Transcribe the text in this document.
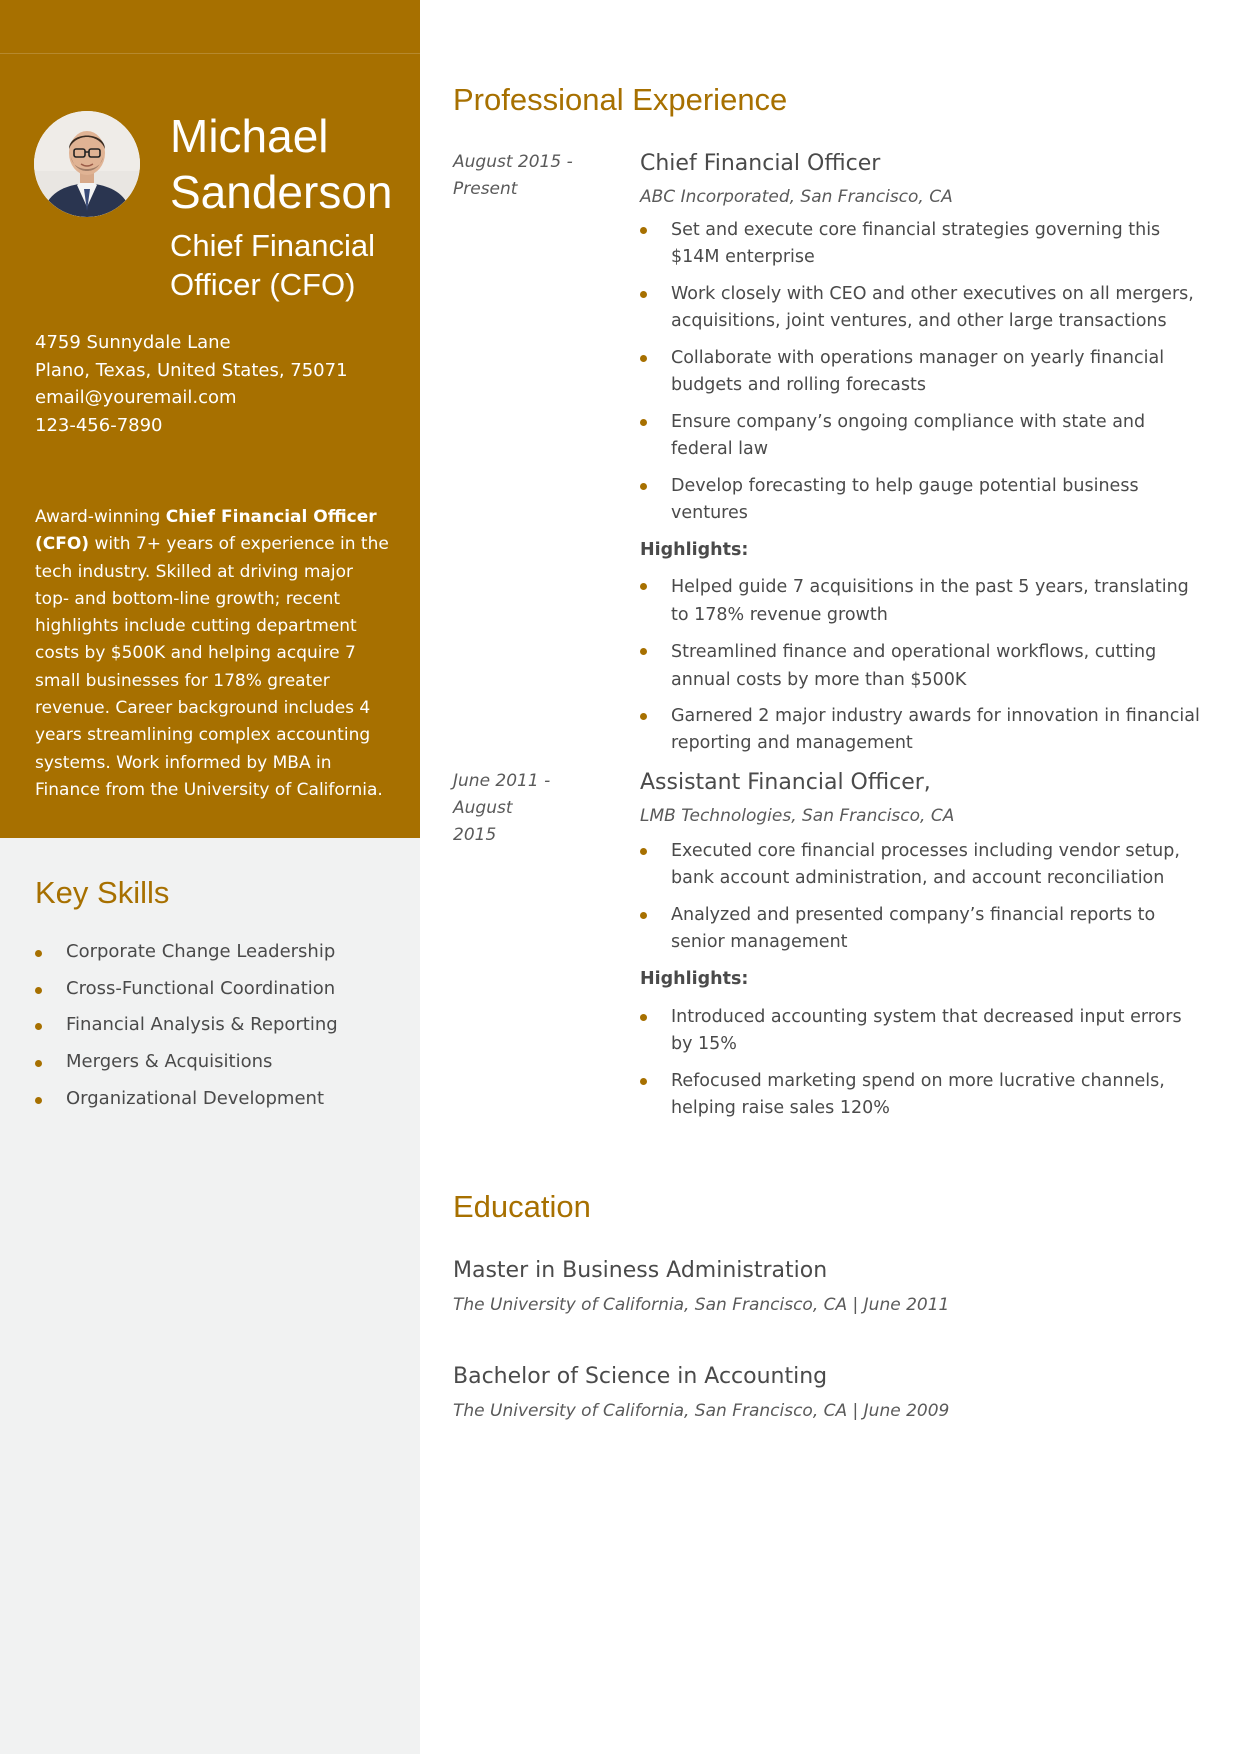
Michael
Sanderson
Chief Financial
Officer (CFO)
4759 Sunnydale Lane
Plano, Texas, United States, 75071
email@youremail.com
123-456-7890

Award-winning Chief Financial Officer (CFO) with 7+ years of experience in the tech industry. Skilled at driving major top- and bottom-line growth; recent highlights include cutting department costs by $500K and helping acquire 7 small businesses for 178% greater revenue. Career background includes 4 years streamlining complex accounting systems. Work informed by MBA in Finance from the University of California.

Key Skills
Corporate Change Leadership
Cross-Functional Coordination
Financial Analysis & Reporting
Mergers & Acquisitions
Organizational Development
Professional Experience
August 2015 -
Present
Chief Financial Officer

ABC Incorporated, San Francisco, CA

Set and execute core financial strategies governing this $14M enterprise
Work closely with CEO and other executives on all mergers, acquisitions, joint ventures, and other large transactions
Collaborate with operations manager on yearly financial budgets and rolling forecasts
Ensure company’s ongoing compliance with state and federal law
Develop forecasting to help gauge potential business ventures

Highlights:

Helped guide 7 acquisitions in the past 5 years, translating to 178% revenue growth
Streamlined finance and operational workflows, cutting annual costs by more than $500K
Garnered 2 major industry awards for innovation in financial reporting and management
June 2011 - August
2015
Assistant Financial Officer,

LMB Technologies, San Francisco, CA

Executed core financial processes including vendor setup, bank account administration, and account reconciliation
Analyzed and presented company’s financial reports to senior management

Highlights:

Introduced accounting system that decreased input errors by 15%
Refocused marketing spend on more lucrative channels, helping raise sales 120%
Education
Master in Business Administration

The University of California, San Francisco, CA | June 2011

Bachelor of Science in Accounting

The University of California, San Francisco, CA | June 2009
